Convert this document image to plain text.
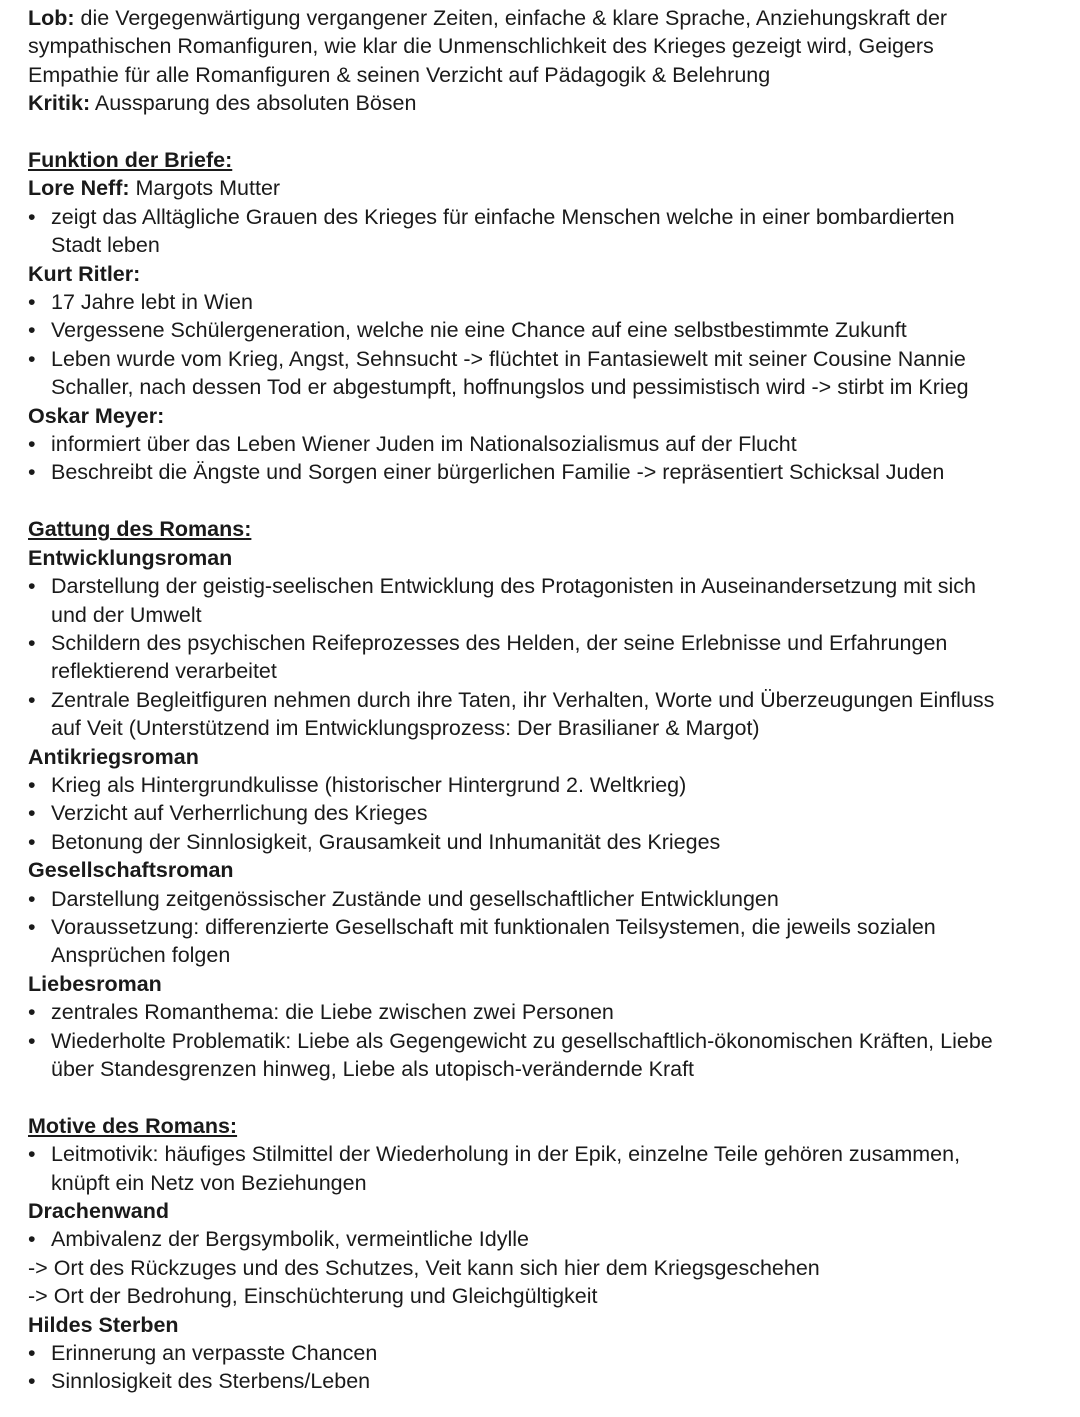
Lob: die Vergegenwärtigung vergangener Zeiten, einfache & klare Sprache, Anziehungskraft der
sympathischen Romanfiguren, wie klar die Unmenschlichkeit des Krieges gezeigt wird, Geigers
Empathie für alle Romanfiguren & seinen Verzicht auf Pädagogik & Belehrung
Kritik: Aussparung des absoluten Bösen
Funktion der Briefe:
Lore Neff: Margots Mutter
• zeigt das Alltägliche Grauen des Krieges für einfache Menschen welche in einer bombardierten
Stadt leben
Kurt Ritler:
• 17 Jahre lebt in Wien
• Vergessene Schülergeneration, welche nie eine Chance auf eine selbstbestimmte Zukunft
• Leben wurde vom Krieg, Angst, Sehnsucht -> flüchtet in Fantasiewelt mit seiner Cousine Nannie
Schaller, nach dessen Tod er abgestumpft, hoffnungslos und pessimistisch wird -> stirbt im Krieg
Oskar Meyer:
• informiert über das Leben Wiener Juden im Nationalsozialismus auf der Flucht
• Beschreibt die Ängste und Sorgen einer bürgerlichen Familie -> repräsentiert Schicksal Juden
Gattung des Romans:
Entwicklungsroman
• Darstellung der geistig-seelischen Entwicklung des Protagonisten in Auseinandersetzung mit sich
und der Umwelt
• Schildern des psychischen Reifeprozesses des Helden, der seine Erlebnisse und Erfahrungen
reflektierend verarbeitet
• Zentrale Begleitfiguren nehmen durch ihre Taten, ihr Verhalten, Worte und Überzeugungen Einfluss
auf Veit (Unterstützend im Entwicklungsprozess: Der Brasilianer & Margot)
Antikriegsroman
• Krieg als Hintergrundkulisse (historischer Hintergrund 2. Weltkrieg)
• Verzicht auf Verherrlichung des Krieges
• Betonung der Sinnlosigkeit, Grausamkeit und Inhumanität des Krieges
Gesellschaftsroman
• Darstellung zeitgenössischer Zustände und gesellschaftlicher Entwicklungen
• Voraussetzung: differenzierte Gesellschaft mit funktionalen Teilsystemen, die jeweils sozialen
Ansprüchen folgen
Liebesroman
• zentrales Romanthema: die Liebe zwischen zwei Personen
• Wiederholte Problematik: Liebe als Gegengewicht zu gesellschaftlich-ökonomischen Kräften, Liebe
über Standesgrenzen hinweg, Liebe als utopisch-verändernde Kraft
Motive des Romans:
• Leitmotivik: häufiges Stilmittel der Wiederholung in der Epik, einzelne Teile gehören zusammen,
knüpft ein Netz von Beziehungen
Drachenwand
• Ambivalenz der Bergsymbolik, vermeintliche Idylle
-> Ort des Rückzuges und des Schutzes, Veit kann sich hier dem Kriegsgeschehen
-> Ort der Bedrohung, Einschüchterung und Gleichgültigkeit
Hildes Sterben
• Erinnerung an verpasste Chancen
• Sinnlosigkeit des Sterbens/Leben
